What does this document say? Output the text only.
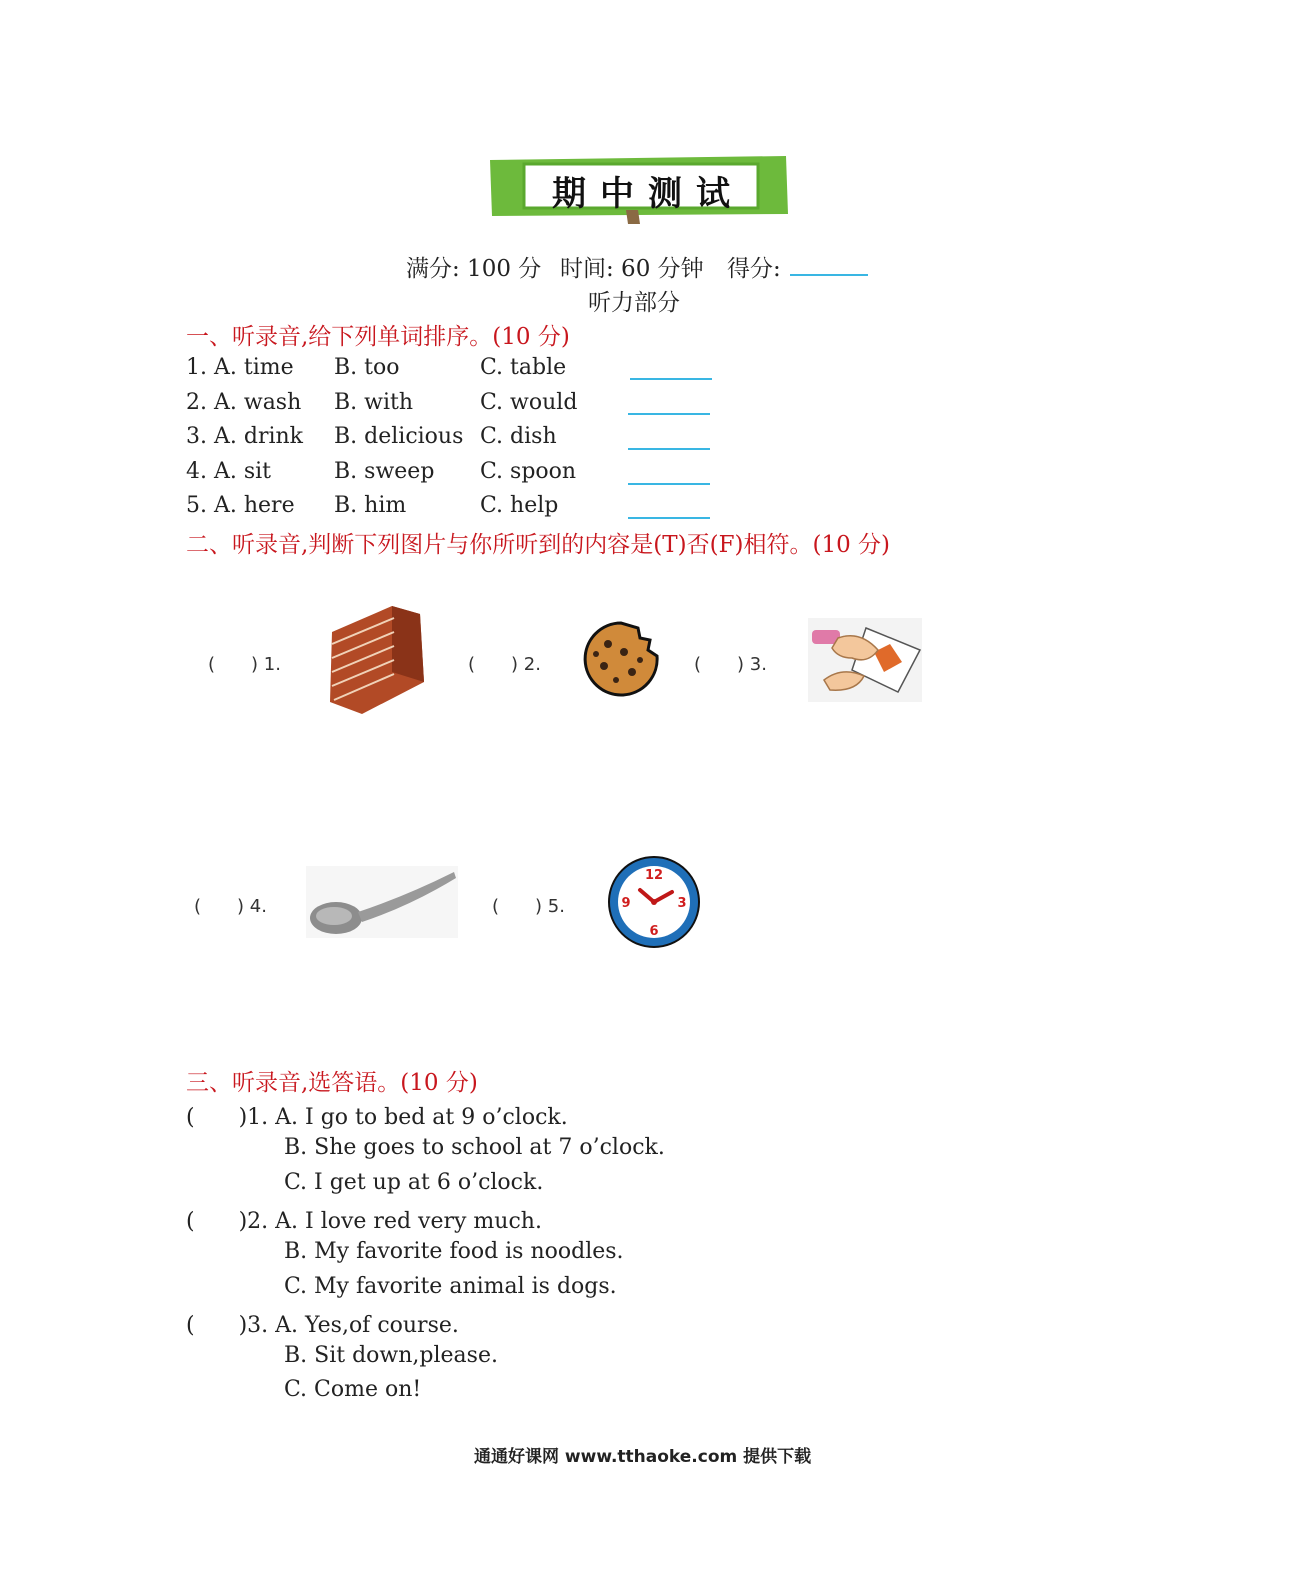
期中测试
满分: 100 分 时间: 60 分钟 得分:
听力部分
一、听录音,给下列单词排序。(10 分)
1. A. time B. too	C. table
2. A. wash B. with	C. would
3. A. drink B. delicious C. dish
4. A. sit	B. sweep C. spoon
5. A. here B. him	C. help
二、听录音,判断下列图片与你所听到的内容是(T)否(F)相符。(10 分)
(　　) 1.	(　　) 2.	(　　) 3.
(　　) 4.	(　　) 5.
12
3
6
9
三、听录音,选答语。(10 分)
(　　)1. A. I go to bed at 9 o’clock.
B. She goes to school at 7 o’clock.
C. I get up at 6 o’clock.
(　　)2. A. I love red very much.
B. My favorite food is noodles.
C. My favorite animal is dogs.
(　　)3. A. Yes,of course.
B. Sit down,please.
C. Come on!
通通好课网 www.tthaoke.com 提供下载
